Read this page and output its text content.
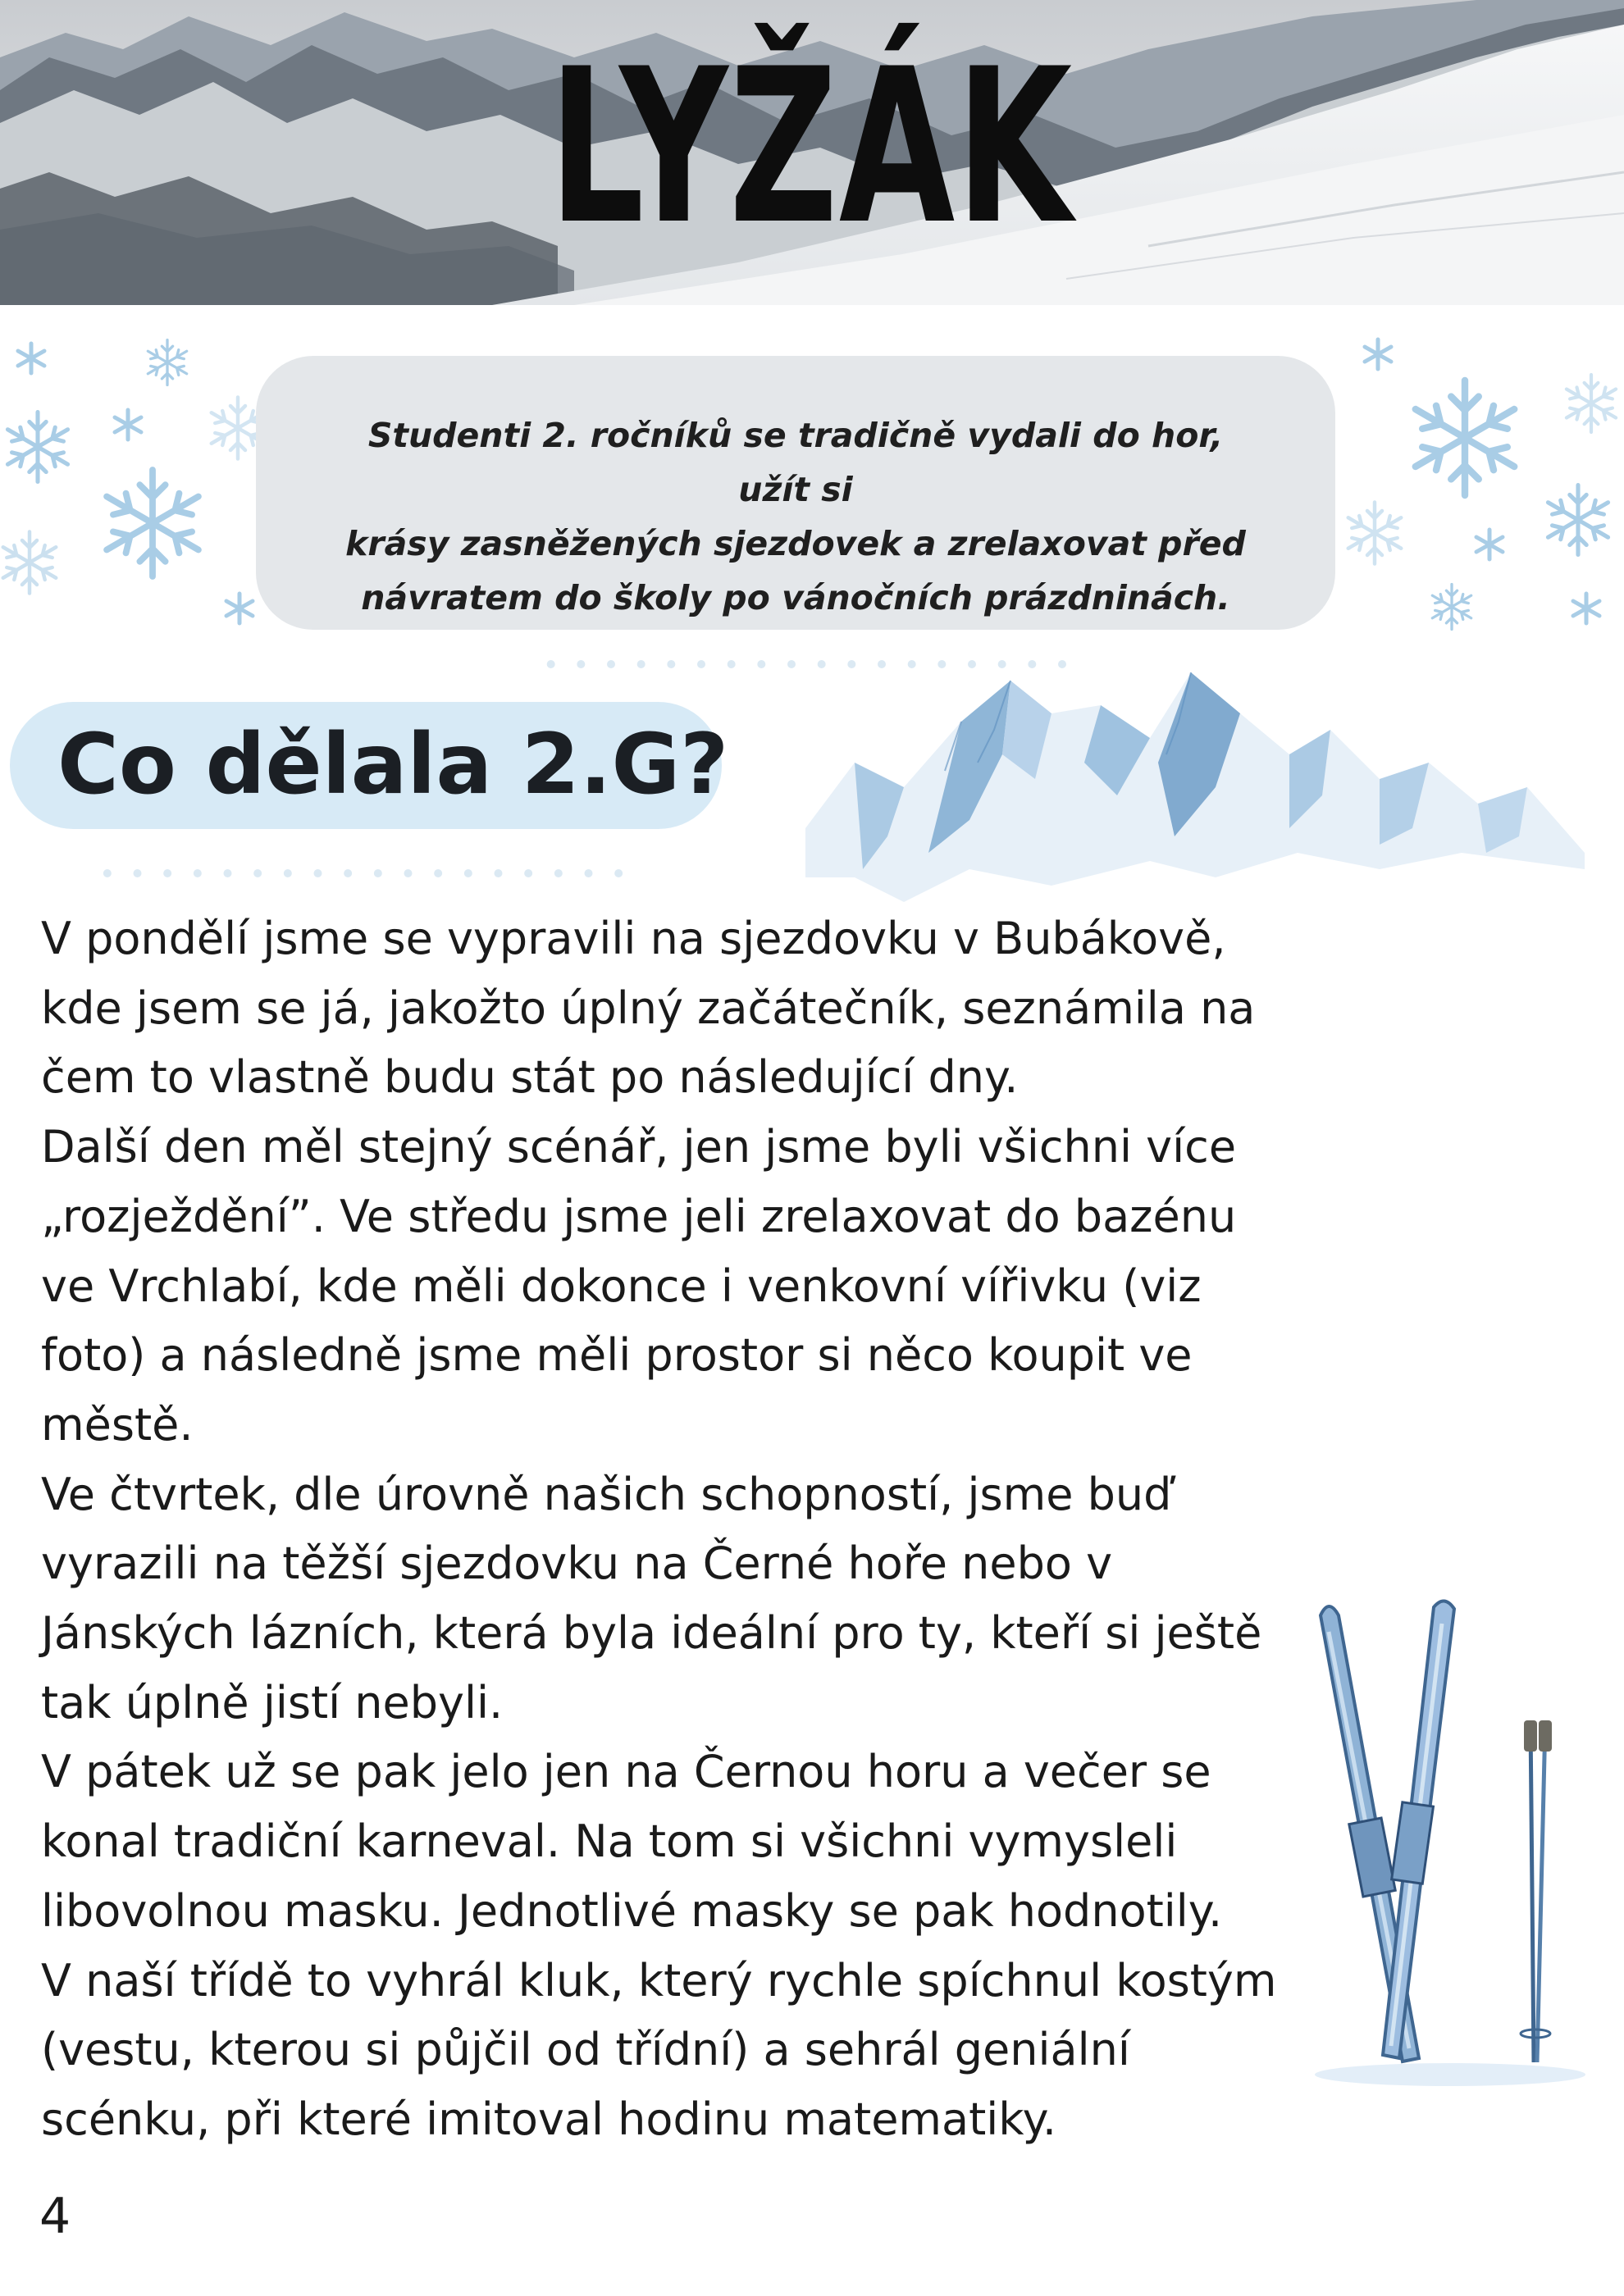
LYŽÁK
Studenti 2. ročníků se tradičně vydali do hor, užít si
krásy zasněžených sjezdovek a zrelaxovat před
návratem do školy po vánočních prázdninách.
Co dělala 2.G?

V pondělí jsme se vypravili na sjezdovku v Bubákově,

kde jsem se já, jakožto úplný začátečník, seznámila na

čem to vlastně budu stát po následující dny.

Další den měl stejný scénář, jen jsme byli všichni více

„rozježdění”. Ve středu jsme jeli zrelaxovat do bazénu

ve Vrchlabí, kde měli dokonce i venkovní vířivku (viz

foto) a následně jsme měli prostor si něco koupit ve

městě.

Ve čtvrtek, dle úrovně našich schopností, jsme buď

vyrazili na těžší sjezdovku na Černé hoře nebo v

Jánských lázních, která byla ideální pro ty, kteří si ještě

tak úplně jistí nebyli.

V pátek už se pak jelo jen na Černou horu a večer se

konal tradiční karneval. Na tom si všichni vymysleli

libovolnou masku. Jednotlivé masky se pak hodnotily.

V naší třídě to vyhrál kluk, který rychle spíchnul kostým

(vestu, kterou si půjčil od třídní) a sehrál geniální

scénku, při které imitoval hodinu matematiky.

4
